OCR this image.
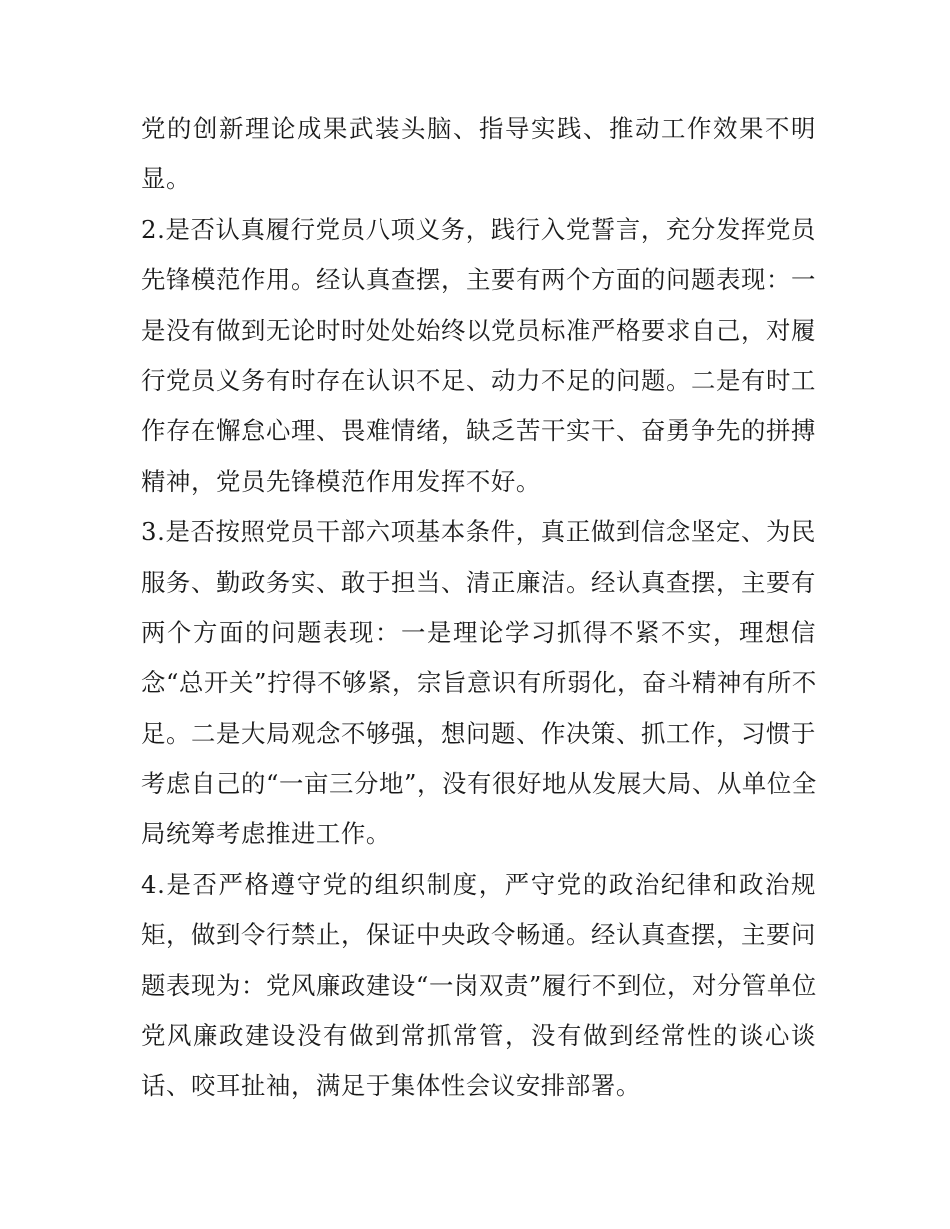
党的创新理论成果武装头脑、指导实践、推动工作效果不明
显。
2.是否认真履行党员八项义务，践行入党誓言，充分发挥党员
先锋模范作用。经认真查摆，主要有两个方面的问题表现：一
是没有做到无论时时处处始终以党员标准严格要求自己，对履
行党员义务有时存在认识不足、动力不足的问题。二是有时工
作存在懈怠心理、畏难情绪，缺乏苦干实干、奋勇争先的拼搏
精神，党员先锋模范作用发挥不好。
3.是否按照党员干部六项基本条件，真正做到信念坚定、为民
服务、勤政务实、敢于担当、清正廉洁。经认真查摆，主要有
两个方面的问题表现：一是理论学习抓得不紧不实，理想信
念“总开关”拧得不够紧，宗旨意识有所弱化，奋斗精神有所不
足。二是大局观念不够强，想问题、作决策、抓工作，习惯于
考虑自己的“一亩三分地”，没有很好地从发展大局、从单位全
局统筹考虑推进工作。
4.是否严格遵守党的组织制度，严守党的政治纪律和政治规
矩，做到令行禁止，保证中央政令畅通。经认真查摆，主要问
题表现为：党风廉政建设“一岗双责”履行不到位，对分管单位
党风廉政建设没有做到常抓常管，没有做到经常性的谈心谈
话、咬耳扯袖，满足于集体性会议安排部署。
